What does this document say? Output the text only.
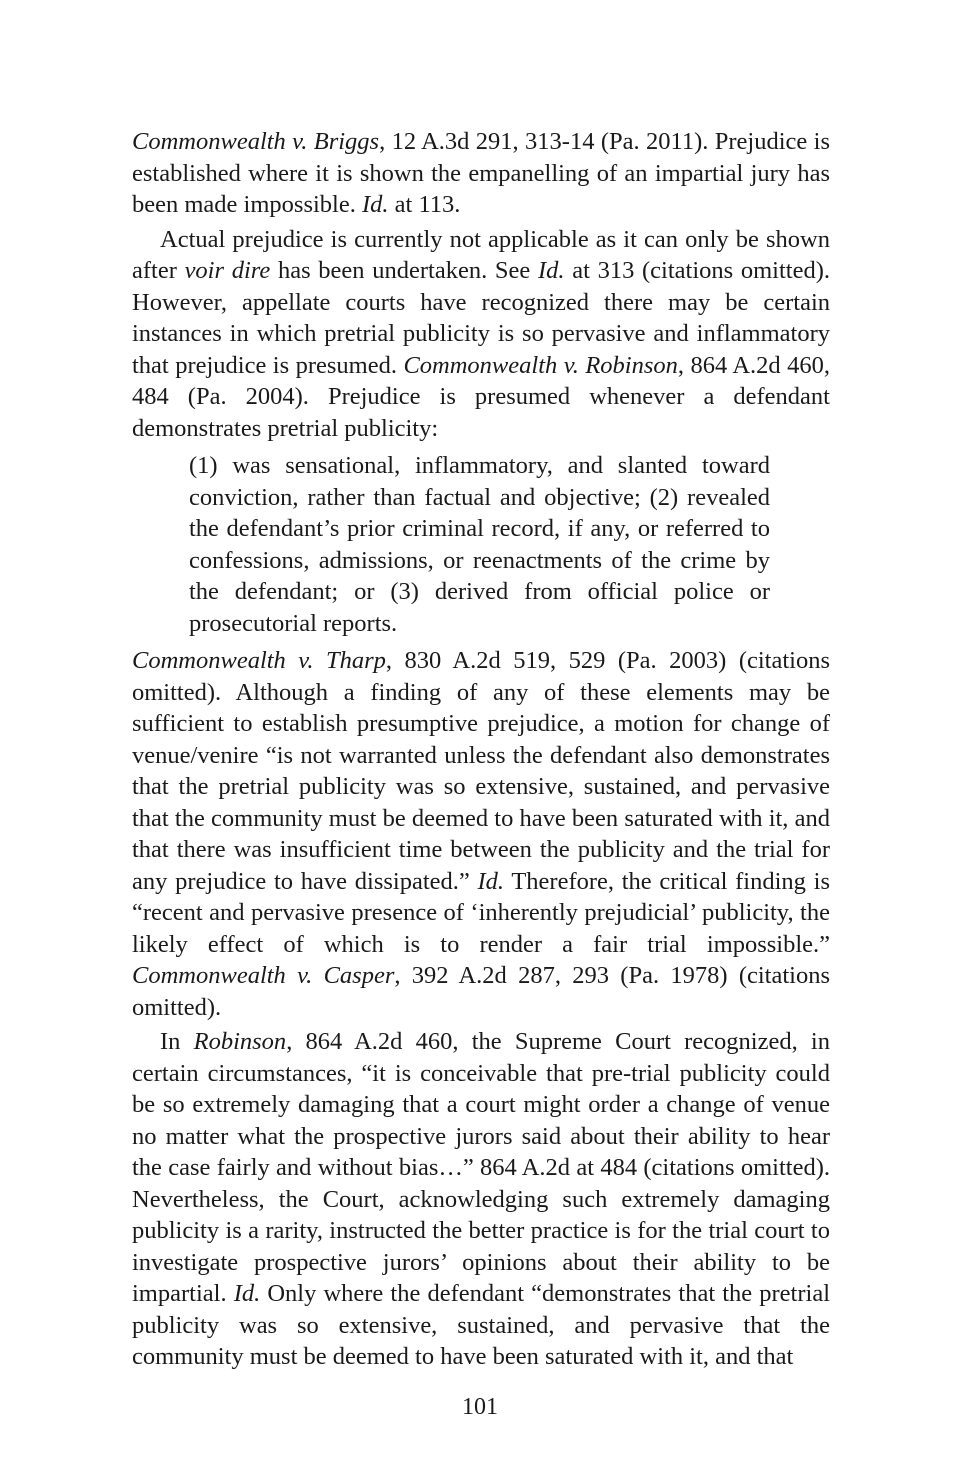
Commonwealth v. Briggs, 12 A.3d 291, 313-14 (Pa. 2011). Prejudice is established where it is shown the empanelling of an impartial jury has been made impossible. Id. at 113.

Actual prejudice is currently not applicable as it can only be shown after voir dire has been undertaken. See Id. at 313 (citations omitted). However, appellate courts have recognized there may be certain instances in which pretrial publicity is so pervasive and inflammatory that prejudice is presumed. Commonwealth v. Robinson, 864 A.2d 460, 484 (Pa. 2004). Prejudice is presumed whenever a defendant demonstrates pretrial publicity:

(1) was sensational, inflammatory, and slanted toward conviction, rather than factual and objective; (2) revealed the defendant’s prior criminal record, if any, or referred to confessions, admissions, or reenactments of the crime by the defendant; or (3) derived from official police or prosecutorial reports.

Commonwealth v. Tharp, 830 A.2d 519, 529 (Pa. 2003) (citations omitted). Although a finding of any of these elements may be sufficient to establish presumptive prejudice, a motion for change of venue/venire “is not warranted unless the defendant also demonstrates that the pretrial publicity was so extensive, sustained, and pervasive that the community must be deemed to have been saturated with it, and that there was insufficient time between the publicity and the trial for any prejudice to have dissipated.” Id. Therefore, the critical finding is “recent and pervasive presence of ‘inherently prejudicial’ publicity, the likely effect of which is to render a fair trial impossible.” Commonwealth v. Casper, 392 A.2d 287, 293 (Pa. 1978) (citations omitted).

In Robinson, 864 A.2d 460, the Supreme Court recognized, in certain circumstances, “it is conceivable that pre-trial publicity could be so extremely damaging that a court might order a change of venue no matter what the prospective jurors said about their ability to hear the case fairly and without bias…” 864 A.2d at 484 (citations omitted). Nevertheless, the Court, acknowledging such extremely damaging publicity is a rarity, instructed the better practice is for the trial court to investigate prospective jurors’ opinions about their ability to be impartial. Id. Only where the defendant “demonstrates that the pretrial publicity was so extensive, sustained, and pervasive that the community must be deemed to have been saturated with it, and that

101
